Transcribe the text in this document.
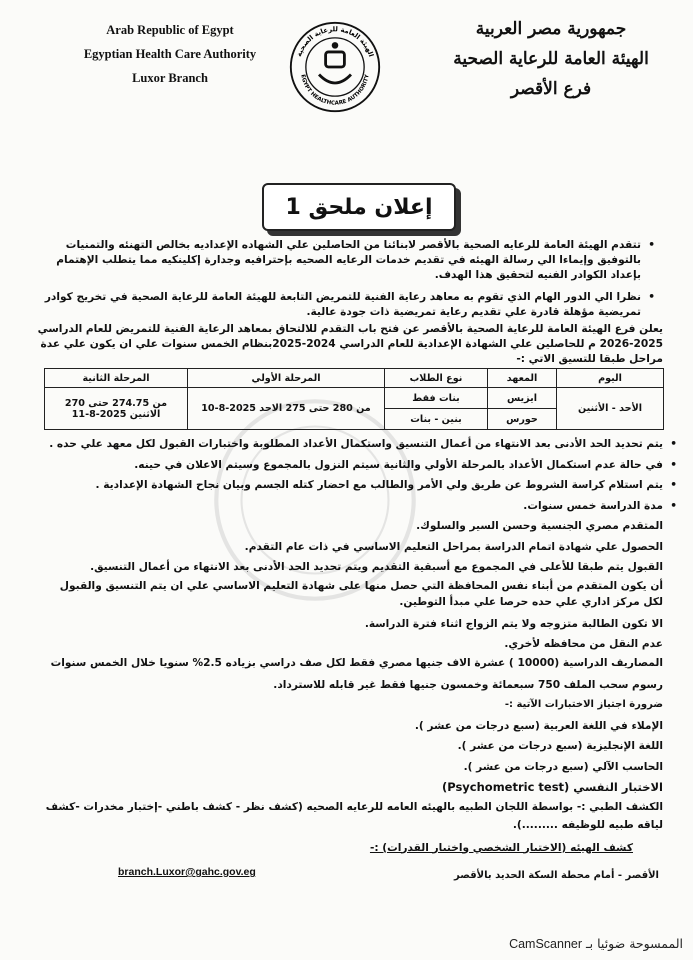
Arab Republic of Egypt
Egyptian Health Care Authority
Luxor Branch
الهيئة العامة للرعاية الصحية
EGYPT HEALTHCARE AUTHORITY
جمهورية مصر العربية
الهيئة العامة للرعاية الصحية
فرع الأقصر
إعلان ملحق 1
• تتقدم الهيئة العامة للرعايه الصحية بالأقصر لابنائنا من الحاصلين علي الشهاده الإعداديه بخالص التهنئه والتمنيات بالتوفيق وإيماءا الي رسالة الهيئه في تقديم خدمات الرعايه الصحيه بإحترافيه وجدارة إكلينكيه مما يتطلب الإهتمام بإعداد الكوادر الفنيه لتحقيق هذا الهدف.
• نظرا الي الدور الهام الذي تقوم به معاهد رعاية الفنية للتمريض التابعة للهيئة العامة للرعاية الصحية في تخريج كوادر تمريضية مؤهلة قادرة علي تقديم رعاية تمريضية ذات جودة عالية.
يعلن فرع الهيئة العامة للرعاية الصحية بالأقصر عن فتح باب التقدم للالتحاق بمعاهد الرعاية الفنية للتمريض للعام الدراسي 2025-2026 م للحاصلين علي الشهادة الإعدادية للعام الدراسي 2024-2025بنظام الخمس سنوات علي ان يكون علي عدة مراحل طبقا للتسيق الاتي :-
اليوم	المعهد	نوع الطلاب	المرحلة الأولي	المرحلة الثانية
الأحد - الأثنين	ايزيس	بنات فقط	من 280 حتى 275 الاحد 2025-8-10	من 274.75 حتى 270 الاثنين 2025-8-11
	حورس	بنين - بنات		

• يتم تحديد الحد الأدنى بعد الانتهاء من أعمال التنسيق واستكمال الأعداد المطلوبة واختبارات القبول لكل معهد علي حده .

• في حالة عدم استكمال الأعداد بالمرحلة الأولي والثانية سيتم النزول بالمجموع وسيتم الاعلان في حينه.

• يتم استلام كراسة الشروط عن طريق ولي الأمر والطالب مع احضار كتله الجسم وبيان نجاح الشهادة الإعدادية .

• مدة الدراسة خمس سنوات.

المتقدم مصري الجنسية وحسن السير والسلوك.

الحصول علي شهادة اتمام الدراسة بمراحل التعليم الاساسي في ذات عام التقدم.

القبول يتم طبقا للأعلى في المجموع مع أسبقية التقديم ويتم تحديد الحد الأدنى بعد الانتهاء من أعمال التنسيق.

أن يكون المتقدم من أبناء نفس المحافظة التي حصل منها على شهادة التعليم الاساسي علي ان يتم التنسيق والقبول لكل مركز اداري علي حده حرصا علي مبدأ التوطين.

الا تكون الطالبة متزوجه ولا يتم الزواج اثناء فترة الدراسة.

عدم النقل من محافظه لأخري.

المصاريف الدراسية (10000 ) عشرة الاف جنيها مصري فقط لكل صف دراسي بزياده 2.5% سنويا خلال الخمس سنوات

رسوم سحب الملف 750 سبعمائة وخمسون جنيها فقط غير قابله للاسترداد.

ضرورة اجتياز الاختبارات الآتية :-

الإملاء في اللغة العربية (سبع درجات من عشر ).

اللغة الإنجليزية (سبع درجات من عشر ).

الحاسب الآلي (سبع درجات من عشر ).

الاختبار النفسي (Psychometric test)

الكشف الطبي :- بواسطة اللجان الطبيه بالهيئه العامه للرعايه الصحيه (كشف نظر - كشف باطني -إختبار مخدرات -كشف لياقه طبيه للوظيفه .........).

كشف الهيئه (الاختبار الشخصي واختبار القدرات) :-

branch.Luxor@gahc.gov.eg	الأقصر - أمام محطة السكة الحديد بالأقصر
الممسوحة ضوئيا بـ CamScanner
